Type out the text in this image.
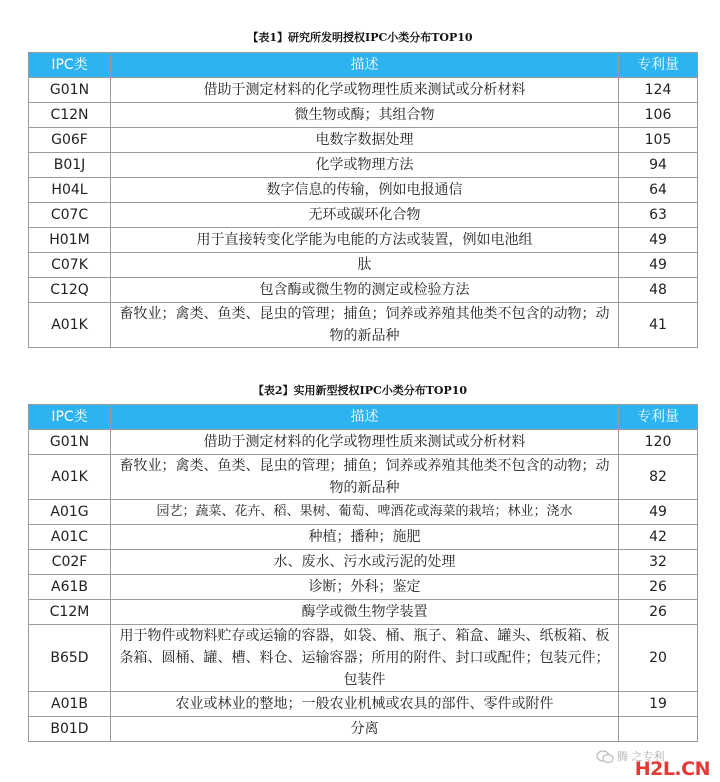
【表1】研究所发明授权IPC小类分布TOP10
IPC类	描述	专利量
G01N	借助于测定材料的化学或物理性质来测试或分析材料	124
C12N	微生物或酶；其组合物	106
G06F	电数字数据处理	105
B01J	化学或物理方法	94
H04L	数字信息的传输，例如电报通信	64
C07C	无环或碳环化合物	63
H01M	用于直接转变化学能为电能的方法或装置，例如电池组	49
C07K	肽	49
C12Q	包含酶或微生物的测定或检验方法	48
A01K	畜牧业；禽类、鱼类、昆虫的管理；捕鱼；饲养或养殖其他类不包含的动物；动物的新品种	41
【表2】实用新型授权IPC小类分布TOP10
IPC类	描述	专利量
G01N	借助于测定材料的化学或物理性质来测试或分析材料	120
A01K	畜牧业；禽类、鱼类、昆虫的管理；捕鱼；饲养或养殖其他类不包含的动物；动物的新品种	82
A01G	园艺；蔬菜、花卉、稻、果树、葡萄、啤酒花或海菜的栽培；林业；浇水	49
A01C	种植；播种；施肥	42
C02F	水、废水、污水或污泥的处理	32
A61B	诊断；外科；鉴定	26
C12M	酶学或微生物学装置	26
B65D	用于物件或物料贮存或运输的容器，如袋、桶、瓶子、箱盒、罐头、纸板箱、板条箱、圆桶、罐、槽、料仓、运输容器；所用的附件、封口或配件；包装元件；包装件	20
A01B	农业或林业的整地；一般农业机械或农具的部件、零件或附件	19
B01D	分离	
腾 之专利
H2L.CN
